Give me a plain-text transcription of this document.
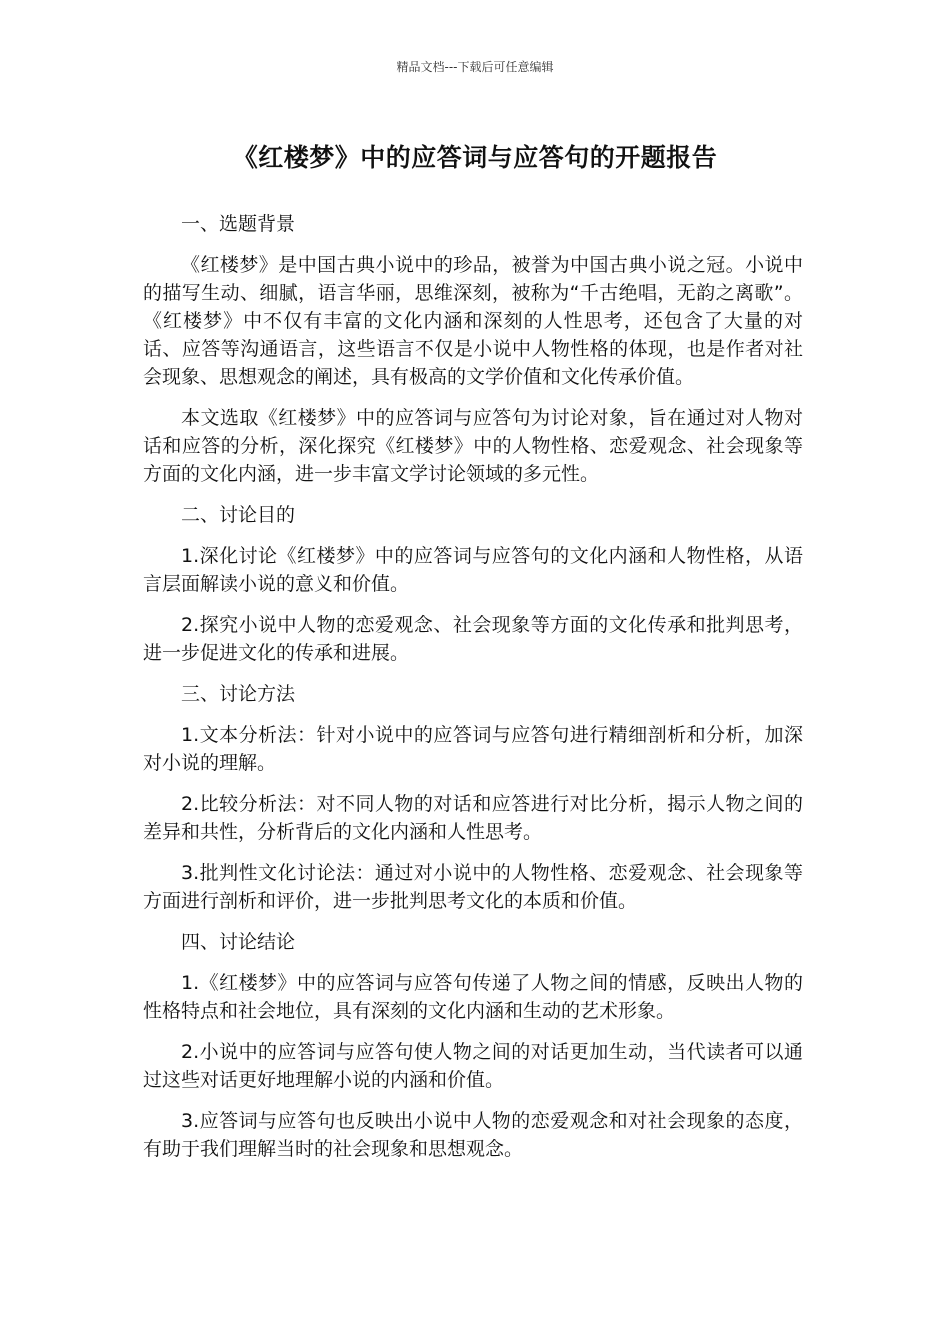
精品文档---下载后可任意编辑
《红楼梦》中的应答词与应答句的开题报告
一、选题背景
《红楼梦》是中国古典小说中的珍品，被誉为中国古典小说之冠。小说中的描写生动、细腻，语言华丽，思维深刻，被称为“千古绝唱，无韵之离歌”。《红楼梦》中不仅有丰富的文化内涵和深刻的人性思考，还包含了大量的对话、应答等沟通语言，这些语言不仅是小说中人物性格的体现，也是作者对社会现象、思想观念的阐述，具有极高的文学价值和文化传承价值。
本文选取《红楼梦》中的应答词与应答句为讨论对象，旨在通过对人物对话和应答的分析，深化探究《红楼梦》中的人物性格、恋爱观念、社会现象等方面的文化内涵，进一步丰富文学讨论领域的多元性。
二、讨论目的
1.深化讨论《红楼梦》中的应答词与应答句的文化内涵和人物性格，从语言层面解读小说的意义和价值。
2.探究小说中人物的恋爱观念、社会现象等方面的文化传承和批判思考，进一步促进文化的传承和进展。
三、讨论方法
1.文本分析法：针对小说中的应答词与应答句进行精细剖析和分析，加深对小说的理解。
2.比较分析法：对不同人物的对话和应答进行对比分析，揭示人物之间的差异和共性，分析背后的文化内涵和人性思考。
3.批判性文化讨论法：通过对小说中的人物性格、恋爱观念、社会现象等方面进行剖析和评价，进一步批判思考文化的本质和价值。
四、讨论结论
1.《红楼梦》中的应答词与应答句传递了人物之间的情感，反映出人物的性格特点和社会地位，具有深刻的文化内涵和生动的艺术形象。
2.小说中的应答词与应答句使人物之间的对话更加生动，当代读者可以通过这些对话更好地理解小说的内涵和价值。
3.应答词与应答句也反映出小说中人物的恋爱观念和对社会现象的态度，有助于我们理解当时的社会现象和思想观念。
